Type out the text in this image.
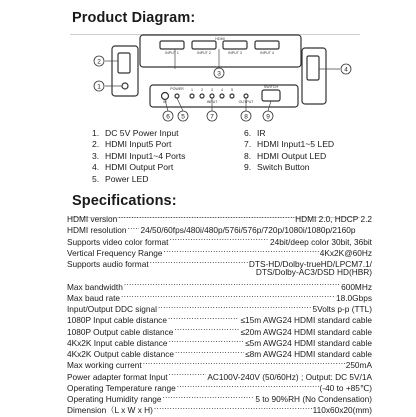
Product Diagram:
HDMI
INPUT 1	INPUT 2	INPUT 3	INPUT 4
IR
POWER
INPUT	OUTPUT
SWITCH
1 2 3 4 5
1
2
3
4
5
6	7	8	9
1. DC 5V Power Input
2. HDMI Input5 Port
3. HDMI Input1~4 Ports
4. HDMI Output Port
5. Power LED
6. IR
7. HDMI Input1~5 LED
8. HDMI Output LED
9. Switch Button
Specifications:
HDMI version .....	HDMI 2.0, HDCP 2.2
HDMI resolution ..... 24/50/60fps/480i/480p/576i/576p/720p/1080i/1080p/2160p
Supports video color format .....	24bit/deep color 30bit, 36bit
Vertical Frequency Range .....	4Kx2K@60Hz
Supports audio format .....	DTS-HD/Dolby-trueHD/LPCM7.1/
DTS/Dolby-AC3/DSD HD(HBR)
Max bandwidth .....	600MHz
Max baud rate .....	18.0Gbps
Input/Output DDC signal .....	5Volts p-p (TTL)
1080P Input cable distance .....	≤15m AWG24 HDMI standard cable
1080P Output cable distance .....	≤20m AWG24 HDMI standard cable
4Kx2K Input cable distance .....	≤5m AWG24 HDMI standard cable
4Kx2K Output cable distance .....	≤8m AWG24 HDMI standard cable
Max working current .....	250mA
Power adapter format Input .....	AC100V-240V (50/60Hz) ; Output: DC 5V/1A
Operating Temperature range .....	(-40 to +85℃)
Operating Humidity range .....	5 to 90%RH (No Condensation)
Dimension（L x W x H) .....	110x60x20(mm)
